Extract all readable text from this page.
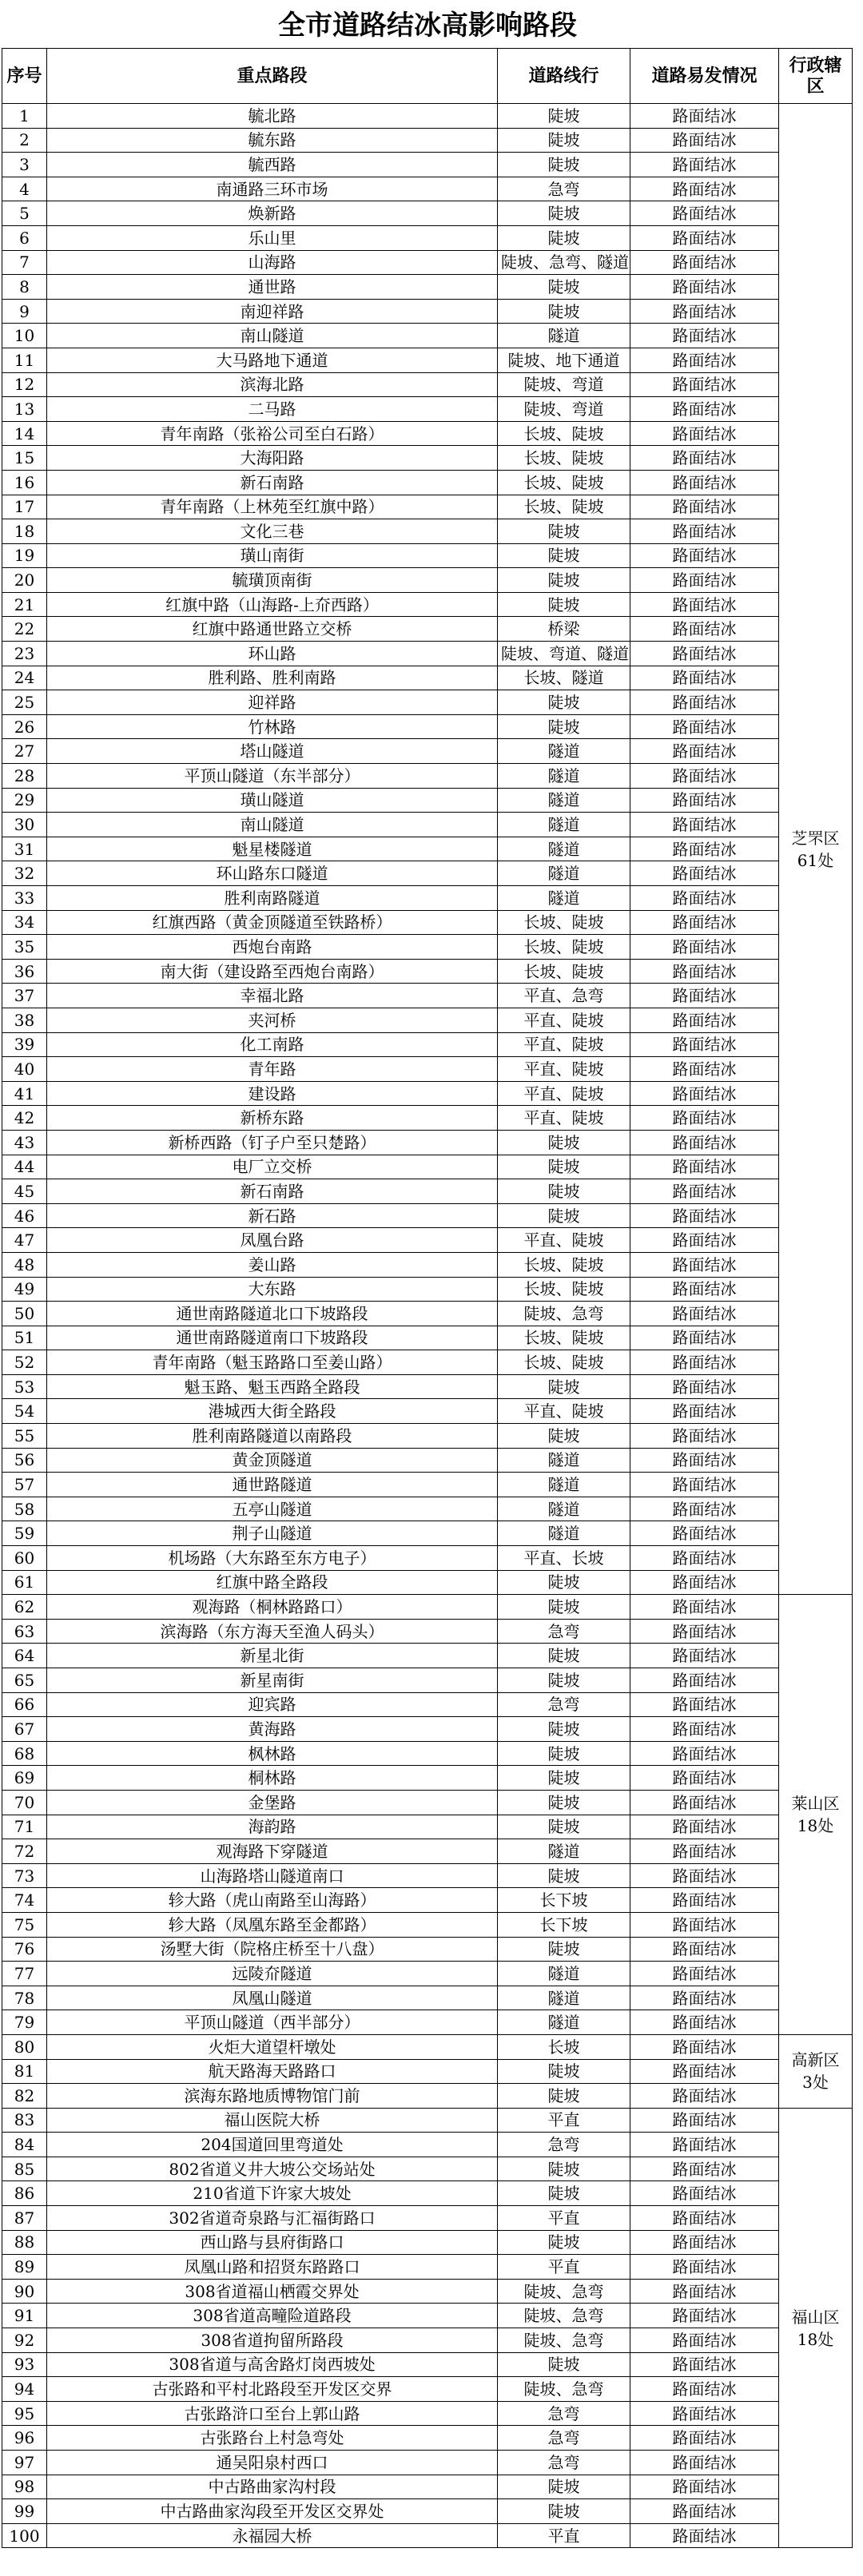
全市道路结冰高影响路段
序号	重点路段	道路线行	道路易发情况	行政辖区
1	毓北路	陡坡	路面结冰	芝罘区
61处
2	毓东路	陡坡	路面结冰	
3	毓西路	陡坡	路面结冰	
4	南通路三环市场	急弯	路面结冰	
5	焕新路	陡坡	路面结冰	
6	乐山里	陡坡	路面结冰	
7	山海路	陡坡、急弯、隧道	路面结冰	
8	通世路	陡坡	路面结冰	
9	南迎祥路	陡坡	路面结冰	
10	南山隧道	隧道	路面结冰	
11	大马路地下通道	陡坡、地下通道	路面结冰	
12	滨海北路	陡坡、弯道	路面结冰	
13	二马路	陡坡、弯道	路面结冰	
14	青年南路（张裕公司至白石路）	长坡、陡坡	路面结冰	
15	大海阳路	长坡、陡坡	路面结冰	
16	新石南路	长坡、陡坡	路面结冰	
17	青年南路（上林苑至红旗中路）	长坡、陡坡	路面结冰	
18	文化三巷	陡坡	路面结冰	
19	璜山南街	陡坡	路面结冰	
20	毓璜顶南街	陡坡	路面结冰	
21	红旗中路（山海路-上夼西路）	陡坡	路面结冰	
22	红旗中路通世路立交桥	桥梁	路面结冰	
23	环山路	陡坡、弯道、隧道	路面结冰	
24	胜利路、胜利南路	长坡、隧道	路面结冰	
25	迎祥路	陡坡	路面结冰	
26	竹林路	陡坡	路面结冰	
27	塔山隧道	隧道	路面结冰	
28	平顶山隧道（东半部分）	隧道	路面结冰	
29	璜山隧道	隧道	路面结冰	
30	南山隧道	隧道	路面结冰	
31	魁星楼隧道	隧道	路面结冰	
32	环山路东口隧道	隧道	路面结冰	
33	胜利南路隧道	隧道	路面结冰	
34	红旗西路（黄金顶隧道至铁路桥）	长坡、陡坡	路面结冰	
35	西炮台南路	长坡、陡坡	路面结冰	
36	南大街（建设路至西炮台南路）	长坡、陡坡	路面结冰	
37	幸福北路	平直、急弯	路面结冰	
38	夹河桥	平直、陡坡	路面结冰	
39	化工南路	平直、陡坡	路面结冰	
40	青年路	平直、陡坡	路面结冰	
41	建设路	平直、陡坡	路面结冰	
42	新桥东路	平直、陡坡	路面结冰	
43	新桥西路（钉子户至只楚路）	陡坡	路面结冰	
44	电厂立交桥	陡坡	路面结冰	
45	新石南路	陡坡	路面结冰	
46	新石路	陡坡	路面结冰	
47	凤凰台路	平直、陡坡	路面结冰	
48	姜山路	长坡、陡坡	路面结冰	
49	大东路	长坡、陡坡	路面结冰	
50	通世南路隧道北口下坡路段	陡坡、急弯	路面结冰	
51	通世南路隧道南口下坡路段	长坡、陡坡	路面结冰	
52	青年南路（魁玉路路口至姜山路）	长坡、陡坡	路面结冰	
53	魁玉路、魁玉西路全路段	陡坡	路面结冰	
54	港城西大街全路段	平直、陡坡	路面结冰	
55	胜利南路隧道以南路段	陡坡	路面结冰	
56	黄金顶隧道	隧道	路面结冰	
57	通世路隧道	隧道	路面结冰	
58	五亭山隧道	隧道	路面结冰	
59	荆子山隧道	隧道	路面结冰	
60	机场路（大东路至东方电子）	平直、长坡	路面结冰	
61	红旗中路全路段	陡坡	路面结冰	
62	观海路（桐林路路口）	陡坡	路面结冰	莱山区
18处
63	滨海路（东方海天至渔人码头）	急弯	路面结冰	
64	新星北街	陡坡	路面结冰	
65	新星南街	陡坡	路面结冰	
66	迎宾路	急弯	路面结冰	
67	黄海路	陡坡	路面结冰	
68	枫林路	陡坡	路面结冰	
69	桐林路	陡坡	路面结冰	
70	金堡路	陡坡	路面结冰	
71	海韵路	陡坡	路面结冰	
72	观海路下穿隧道	隧道	路面结冰	
73	山海路塔山隧道南口	陡坡	路面结冰	
74	轸大路（虎山南路至山海路）	长下坡	路面结冰	
75	轸大路（凤凰东路至金都路）	长下坡	路面结冰	
76	汤墅大街（院格庄桥至十八盘）	陡坡	路面结冰	
77	远陵夼隧道	隧道	路面结冰	
78	凤凰山隧道	隧道	路面结冰	
79	平顶山隧道（西半部分）	隧道	路面结冰	
80	火炬大道望杆墩处	长坡	路面结冰	高新区
3处
81	航天路海天路路口	陡坡	路面结冰	
82	滨海东路地质博物馆门前	陡坡	路面结冰	
83	福山医院大桥	平直	路面结冰	福山区
18处
84	204国道回里弯道处	急弯	路面结冰	
85	802省道义井大坡公交场站处	陡坡	路面结冰	
86	210省道下许家大坡处	陡坡	路面结冰	
87	302省道奇泉路与汇福街路口	平直	路面结冰	
88	西山路与县府街路口	陡坡	路面结冰	
89	凤凰山路和招贤东路路口	平直	路面结冰	
90	308省道福山栖霞交界处	陡坡、急弯	路面结冰	
91	308省道高疃险道路段	陡坡、急弯	路面结冰	
92	308省道拘留所路段	陡坡、急弯	路面结冰	
93	308省道与高舍路灯岗西坡处	陡坡	路面结冰	
94	古张路和平村北路段至开发区交界	陡坡、急弯	路面结冰	
95	古张路浒口至台上郭山路	急弯	路面结冰	
96	古张路台上村急弯处	急弯	路面结冰	
97	通吴阳泉村西口	急弯	路面结冰	
98	中古路曲家沟村段	陡坡	路面结冰	
99	中古路曲家沟段至开发区交界处	陡坡	路面结冰	
100	永福园大桥	平直	路面结冰	
